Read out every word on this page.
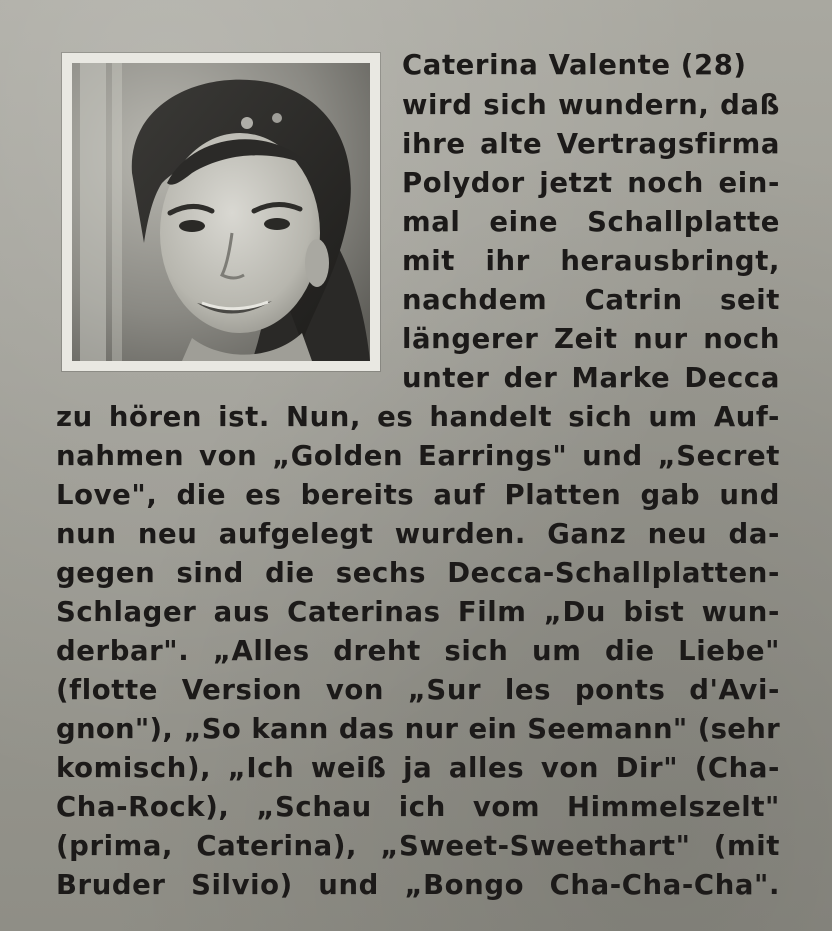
Caterina Valente (28)
wird sich wundern, daß
ihre alte Vertragsfirma
Polydor jetzt noch ein-
mal eine Schallplatte
mit ihr herausbringt,
nachdem Catrin seit
längerer Zeit nur noch
unter der Marke Decca
zu hören ist. Nun, es handelt sich um Auf-
nahmen von „Golden Earrings" und „Secret
Love", die es bereits auf Platten gab und
nun neu aufgelegt wurden. Ganz neu da-
gegen sind die sechs Decca-Schallplatten-
Schlager aus Caterinas Film „Du bist wun-
derbar". „Alles dreht sich um die Liebe"
(flotte Version von „Sur les ponts d'Avi-
gnon"), „So kann das nur ein Seemann" (sehr
komisch), „Ich weiß ja alles von Dir" (Cha-
Cha-Rock), „Schau ich vom Himmelszelt"
(prima, Caterina), „Sweet-Sweethart" (mit
Bruder Silvio) und „Bongo Cha-Cha-Cha".
